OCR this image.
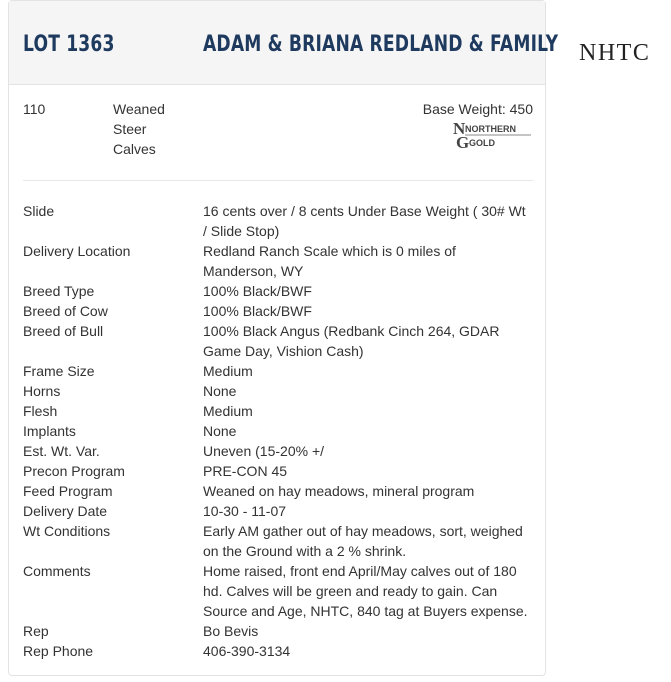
LOT 1363	ADAM & BRIANA REDLAND & FAMILY
110	Weaned
Steer
Calves
Base Weight: 450
N NORTHERN
G GOLD
Slide	16 cents over / 8 cents Under Base Weight ( 30# Wt / Slide Stop)
Delivery Location	Redland Ranch Scale which is 0 miles of Manderson, WY
Breed Type	100% Black/BWF
Breed of Cow	100% Black/BWF
Breed of Bull	100% Black Angus (Redbank Cinch 264, GDAR Game Day, Vishion Cash)
Frame Size	Medium
Horns	None
Flesh	Medium
Implants	None
Est. Wt. Var.	Uneven (15-20% +/
Precon Program	PRE-CON 45
Feed Program	Weaned on hay meadows, mineral program
Delivery Date	10-30 - 11-07
Wt Conditions	Early AM gather out of hay meadows, sort, weighed on the Ground with a 2 % shrink.
Comments	Home raised, front end April/May calves out of 180 hd. Calves will be green and ready to gain. Can Source and Age, NHTC, 840 tag at Buyers expense.
Rep	Bo Bevis
Rep Phone	406-390-3134
NHTC
